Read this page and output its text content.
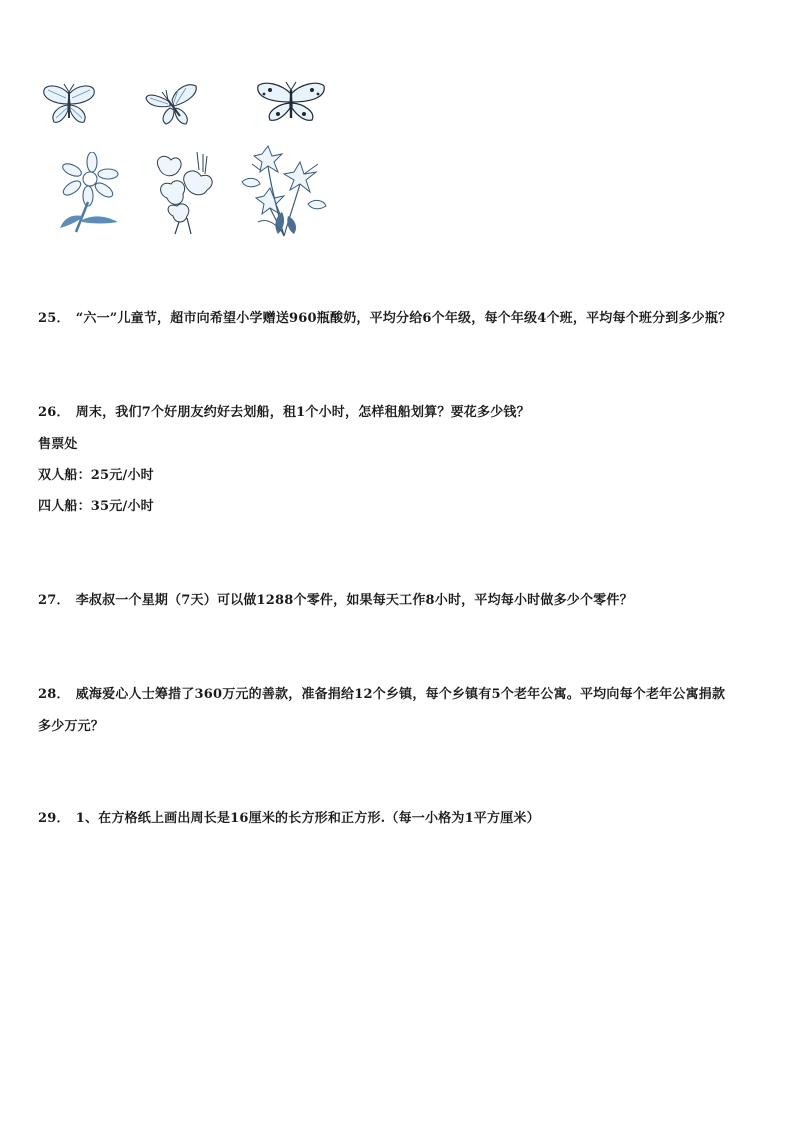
25． “六一”儿童节，超市向希望小学赠送960瓶酸奶，平均分给6个年级，每个年级4个班，平均每个班分到多少瓶？
26． 周末，我们7个好朋友约好去划船，租1个小时，怎样租船划算？要花多少钱？
售票处
双人船：25元/小时
四人船：35元/小时
27． 李叔叔一个星期（7天）可以做1288个零件，如果每天工作8小时，平均每小时做多少个零件？
28． 威海爱心人士筹措了360万元的善款，准备捐给12个乡镇，每个乡镇有5个老年公寓。平均向每个老年公寓捐款
多少万元？
29． 1、在方格纸上画出周长是16厘米的长方形和正方形.（每一小格为1平方厘米）
